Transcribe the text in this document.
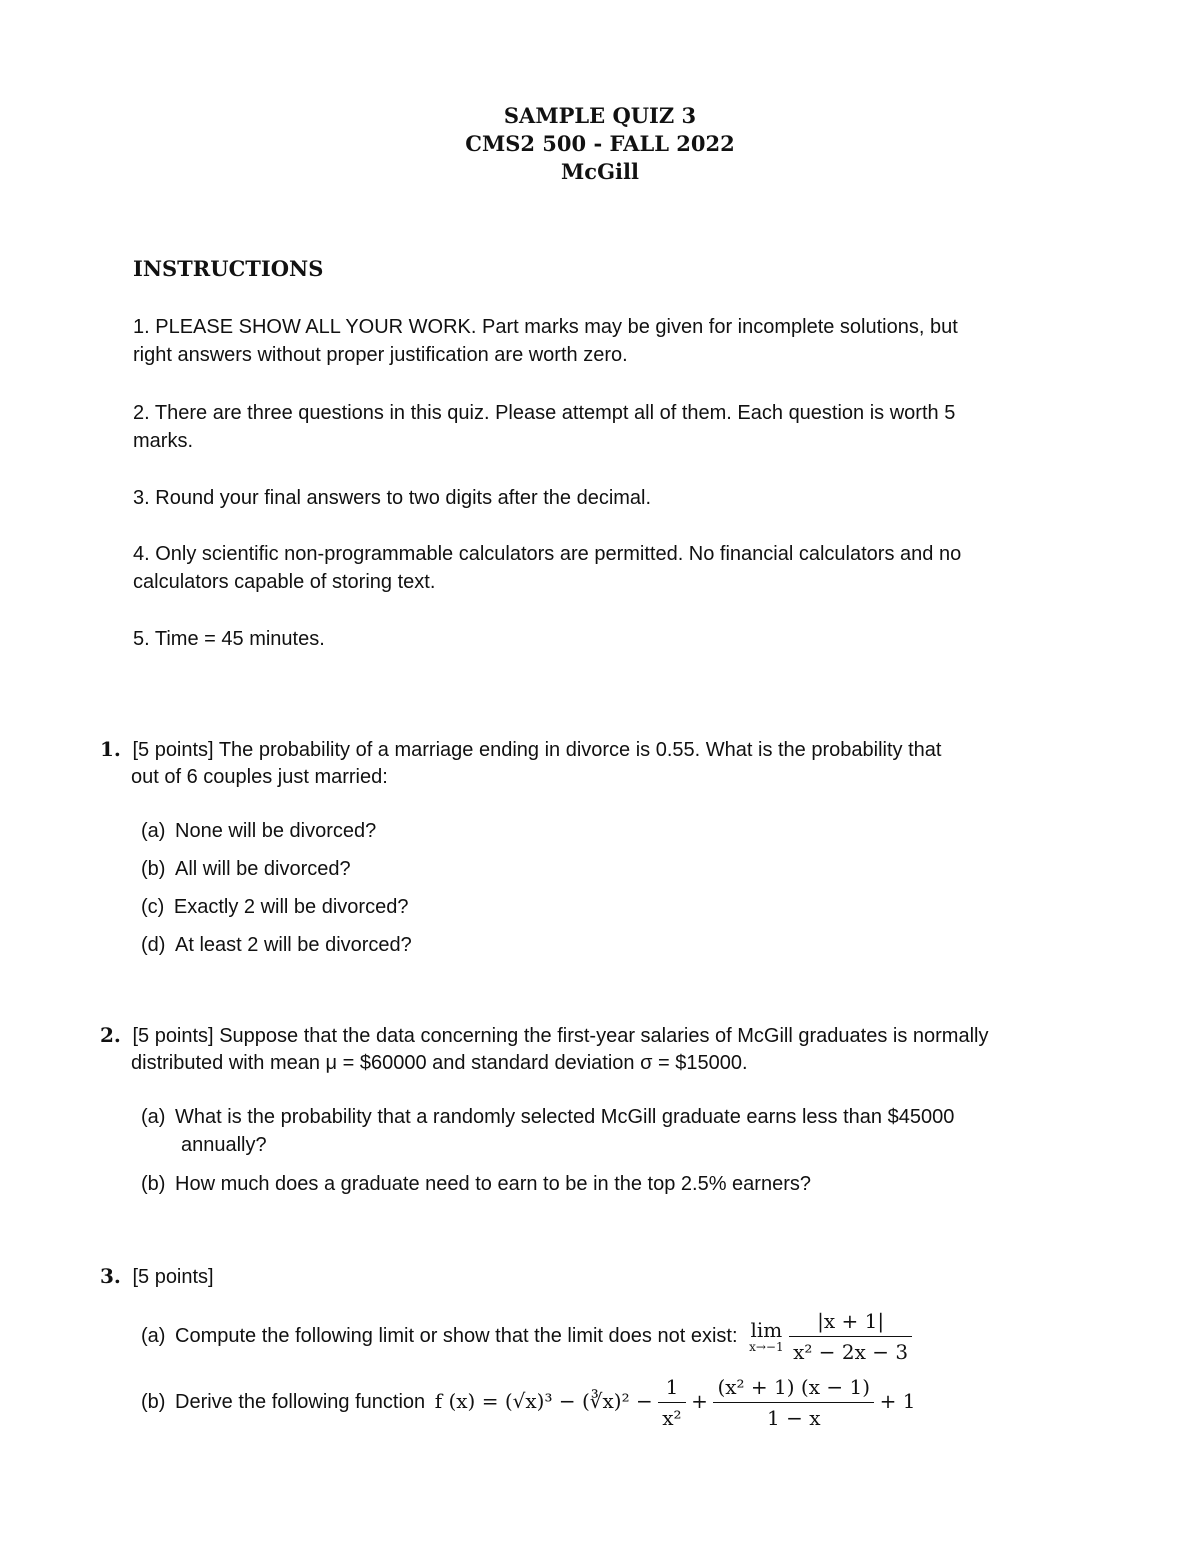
SAMPLE QUIZ 3
CMS2 500 - FALL 2022
McGill
INSTRUCTIONS
1. PLEASE SHOW ALL YOUR WORK. Part marks may be given for incomplete solutions, but
right answers without proper justification are worth zero.
2. There are three questions in this quiz. Please attempt all of them. Each question is worth 5
marks.
3. Round your final answers to two digits after the decimal.
4. Only scientific non-programmable calculators are permitted. No financial calculators and no
calculators capable of storing text.
5. Time = 45 minutes.
1. [5 points] The probability of a marriage ending in divorce is 0.55. What is the probability that
out of 6 couples just married:
(a) None will be divorced?
(b) All will be divorced?
(c) Exactly 2 will be divorced?
(d) At least 2 will be divorced?
2. [5 points] Suppose that the data concerning the first-year salaries of McGill graduates is normally
distributed with mean μ = $60000 and standard deviation σ = $15000.
(a) What is the probability that a randomly selected McGill graduate earns less than $45000
annually?
(b) How much does a graduate need to earn to be in the top 2.5% earners?
3. [5 points]
(a) Compute the following limit or show that the limit does not exist: lim
x→−1
$\frac{|x + 1|}{\text{x² − 2x − 3}}$
(b) Derive the following function f (x) = (√x)³ − (∛x)² − $\frac{1}{\text{x²}} + \frac{\text{(x² + 1) (x − 1)}}{1 - x} + 1$
